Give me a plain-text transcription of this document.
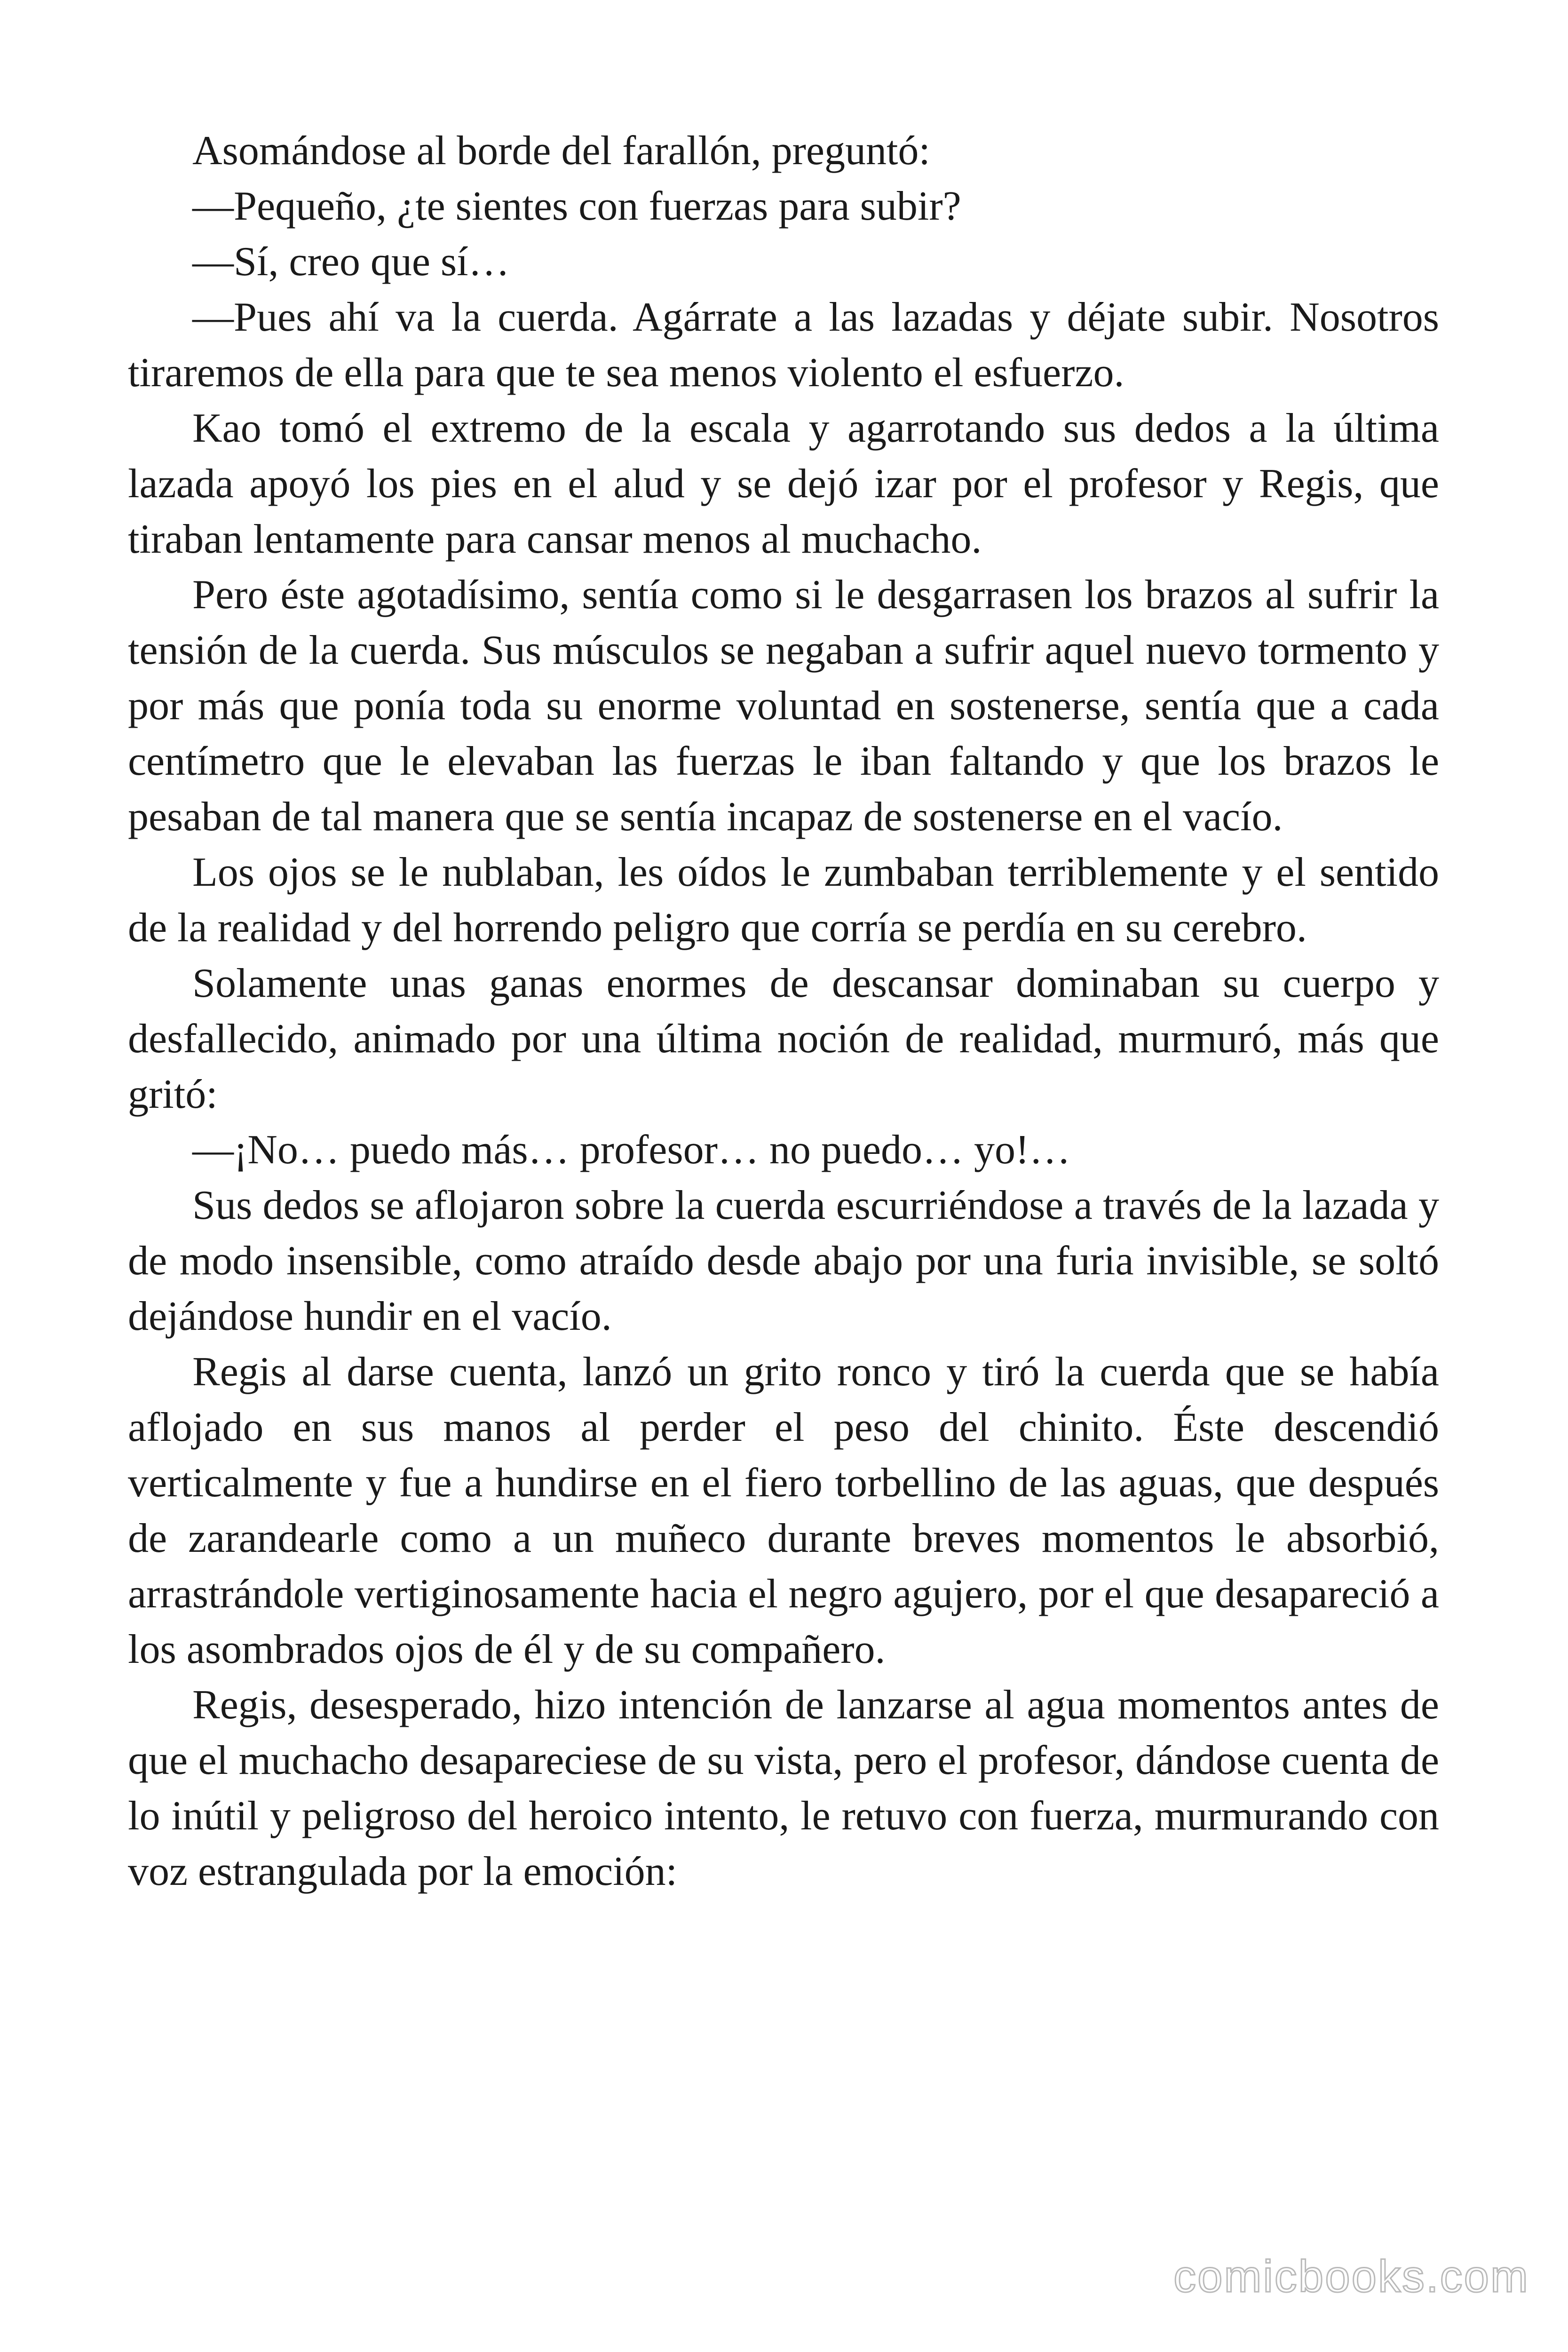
Asomándose al borde del farallón, preguntó:

—Pequeño, ¿te sientes con fuerzas para subir?

—Sí, creo que sí…

—Pues ahí va la cuerda. Agárrate a las lazadas y déjate subir. Nosotros tiraremos de ella para que te sea menos violento el esfuerzo.

Kao tomó el extremo de la escala y agarrotando sus dedos a la última lazada apoyó los pies en el alud y se dejó izar por el profesor y Regis, que tiraban lentamente para cansar menos al muchacho.

Pero éste agotadísimo, sentía como si le desgarrasen los brazos al sufrir la tensión de la cuerda. Sus músculos se negaban a sufrir aquel nuevo tormento y por más que ponía toda su enorme voluntad en sostenerse, sentía que a cada centímetro que le elevaban las fuerzas le iban faltando y que los brazos le pesaban de tal manera que se sentía incapaz de sostenerse en el vacío.

Los ojos se le nublaban, les oídos le zumbaban terriblemente y el sentido de la realidad y del horrendo peligro que corría se perdía en su cerebro.

Solamente unas ganas enormes de descansar dominaban su cuerpo y desfallecido, animado por una última noción de realidad, murmuró, más que gritó:

—¡No… puedo más… profesor… no puedo… yo!…

Sus dedos se aflojaron sobre la cuerda escurriéndose a través de la lazada y de modo insensible, como atraído desde abajo por una furia invisible, se soltó dejándose hundir en el vacío.

Regis al darse cuenta, lanzó un grito ronco y tiró la cuerda que se había aflojado en sus manos al perder el peso del chinito. Éste descendió verticalmente y fue a hundirse en el fiero torbellino de las aguas, que después de zarandearle como a un muñeco durante breves momentos le absorbió, arrastrándole vertiginosamente hacia el negro agujero, por el que desapareció a los asombrados ojos de él y de su compañero.

Regis, desesperado, hizo intención de lanzarse al agua momentos antes de que el muchacho desapareciese de su vista, pero el profesor, dándose cuenta de lo inútil y peligroso del heroico intento, le retuvo con fuerza, murmurando con voz estrangulada por la emoción:

comicbooks.com
